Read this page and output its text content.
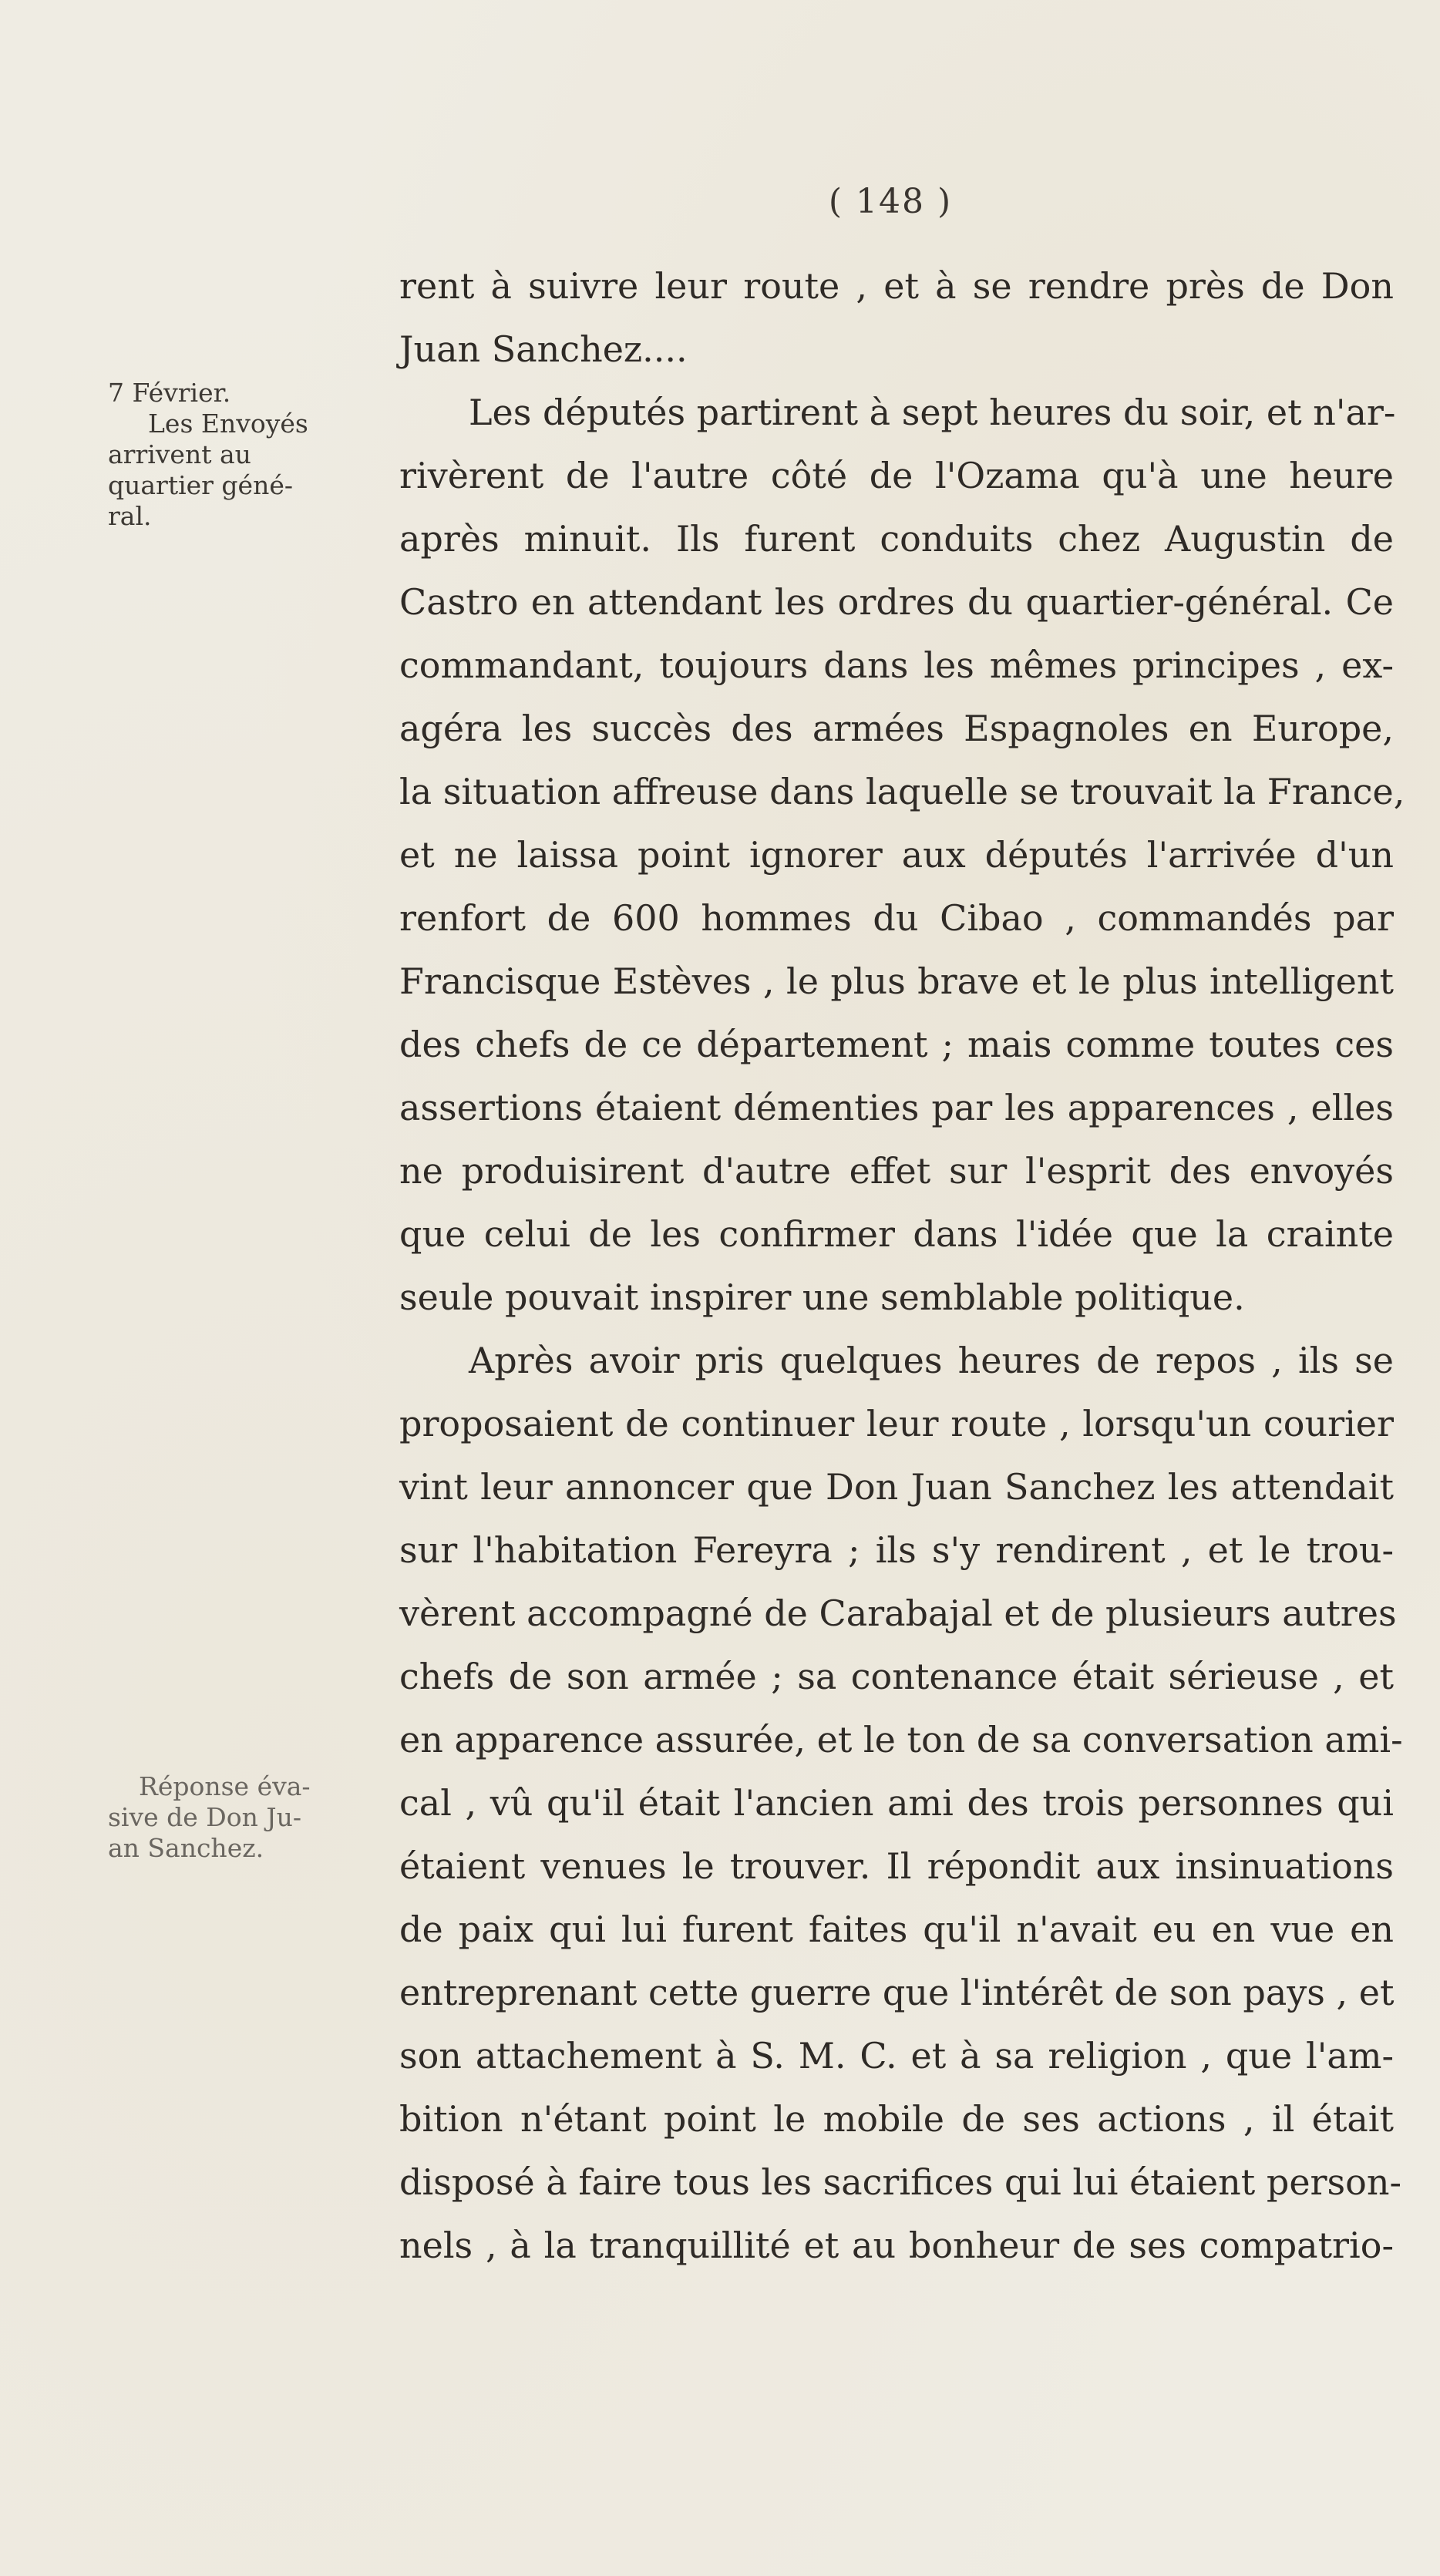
( 148 )
7 Février.
Les Envoyés
arrivent au
quartier géné-
ral.
Réponse éva-
sive de Don Ju-
an Sanchez.
rent à suivre leur route , et à se rendre près de Don
Juan Sanchez....
Les députés partirent à sept heures du soir, et n'ar-
rivèrent de l'autre côté de l'Ozama qu'à une heure
après minuit. Ils furent conduits chez Augustin de
Castro en attendant les ordres du quartier-général. Ce
commandant, toujours dans les mêmes principes , ex-
agéra les succès des armées Espagnoles en Europe,
la situation affreuse dans laquelle se trouvait la France,
et ne laissa point ignorer aux députés l'arrivée d'un
renfort de 600 hommes du Cibao , commandés par
Francisque Estèves , le plus brave et le plus intelligent
des chefs de ce département ; mais comme toutes ces
assertions étaient démenties par les apparences , elles
ne produisirent d'autre effet sur l'esprit des envoyés
que celui de les confirmer dans l'idée que la crainte
seule pouvait inspirer une semblable politique.
Après avoir pris quelques heures de repos , ils se
proposaient de continuer leur route , lorsqu'un courier
vint leur annoncer que Don Juan Sanchez les attendait
sur l'habitation Fereyra ; ils s'y rendirent , et le trou-
vèrent accompagné de Carabajal et de plusieurs autres
chefs de son armée ; sa contenance était sérieuse , et
en apparence assurée, et le ton de sa conversation ami-
cal , vû qu'il était l'ancien ami des trois personnes qui
étaient venues le trouver. Il répondit aux insinuations
de paix qui lui furent faites qu'il n'avait eu en vue en
entreprenant cette guerre que l'intérêt de son pays , et
son attachement à S. M. C. et à sa religion , que l'am-
bition n'étant point le mobile de ses actions , il était
disposé à faire tous les sacrifices qui lui étaient person-
nels , à la tranquillité et au bonheur de ses compatrio-
